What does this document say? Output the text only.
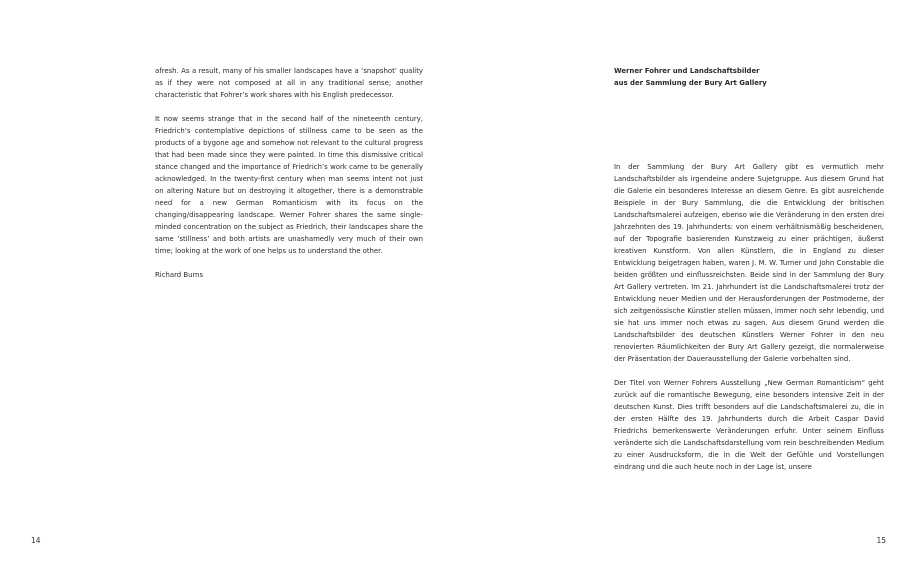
afresh. As a result, many of his smaller landscapes have a ‘snapshot’ quality as if they were not composed at all in any traditional sense; another characteristic that Fohrer’s work shares with his English predecessor.

It now seems strange that in the second half of the nineteenth century, Friedrich‘s contemplative depictions of stillness came to be seen as the products of a bygone age and somehow not relevant to the cultural progress that had been made since they were painted. In time this dismissive critical stance changed and the importance of Friedrich’s work came to be generally acknowledged. In the twenty-first century when man seems intent not just on altering Nature but on destroying it altogether, there is a demonstrable need for a new German Romanticism with its focus on the changing/disappearing landscape. Werner Fohrer shares the same single-minded concentration on the subject as Friedrich, their landscapes share the same ‘stillness’ and both artists are unashamedly very much of their own time; looking at the work of one helps us to understand the other.

Richard Burns

14
Werner Fohrer und Landschaftsbilder
aus der Sammlung der Bury Art Gallery

In der Sammlung der Bury Art Gallery gibt es vermutlich mehr Landschaftsbilder als irgendeine andere Sujetgruppe. Aus diesem Grund hat die Galerie ein besonderes Interesse an diesem Genre. Es gibt ausreichende Beispiele in der Bury Sammlung, die die Entwicklung der britischen Landschaftsmalerei aufzeigen, ebenso wie die Veränderung in den ersten drei Jahrzehnten des 19. Jahrhunderts: von einem verhältnismäßig bescheidenen, auf der Topografie basierenden Kunstzweig zu einer prächtigen, äußerst kreativen Kunstform. Von allen Künstlern, die in England zu dieser Entwicklung beigetragen haben, waren J. M. W. Turner und John Constable die beiden größten und einflussreichsten. Beide sind in der Sammlung der Bury Art Gallery vertreten. Im 21. Jahrhundert ist die Landschaftsmalerei trotz der Entwicklung neuer Medien und der Herausforderungen der Postmoderne, der sich zeitgenössische Künstler stellen müssen, immer noch sehr lebendig, und sie hat uns immer noch etwas zu sagen. Aus diesem Grund werden die Landschaftsbilder des deutschen Künstlers Werner Fohrer in den neu renovierten Räumlichkeiten der Bury Art Gallery gezeigt, die normalerweise der Präsentation der Dauerausstellung der Galerie vorbehalten sind.

Der Titel von Werner Fohrers Ausstellung „New German Romanticism“ geht zurück auf die romantische Bewegung, eine besonders intensive Zeit in der deutschen Kunst. Dies trifft besonders auf die Landschaftsmalerei zu, die in der ersten Hälfte des 19. Jahrhunderts durch die Arbeit Caspar David Friedrichs bemerkenswerte Veränderungen erfuhr. Unter seinem Einfluss veränderte sich die Landschaftsdarstellung vom rein beschreibenden Medium zu einer Ausdrucksform, die in die Welt der Gefühle und Vorstellungen eindrang und die auch heute noch in der Lage ist, unsere

15
